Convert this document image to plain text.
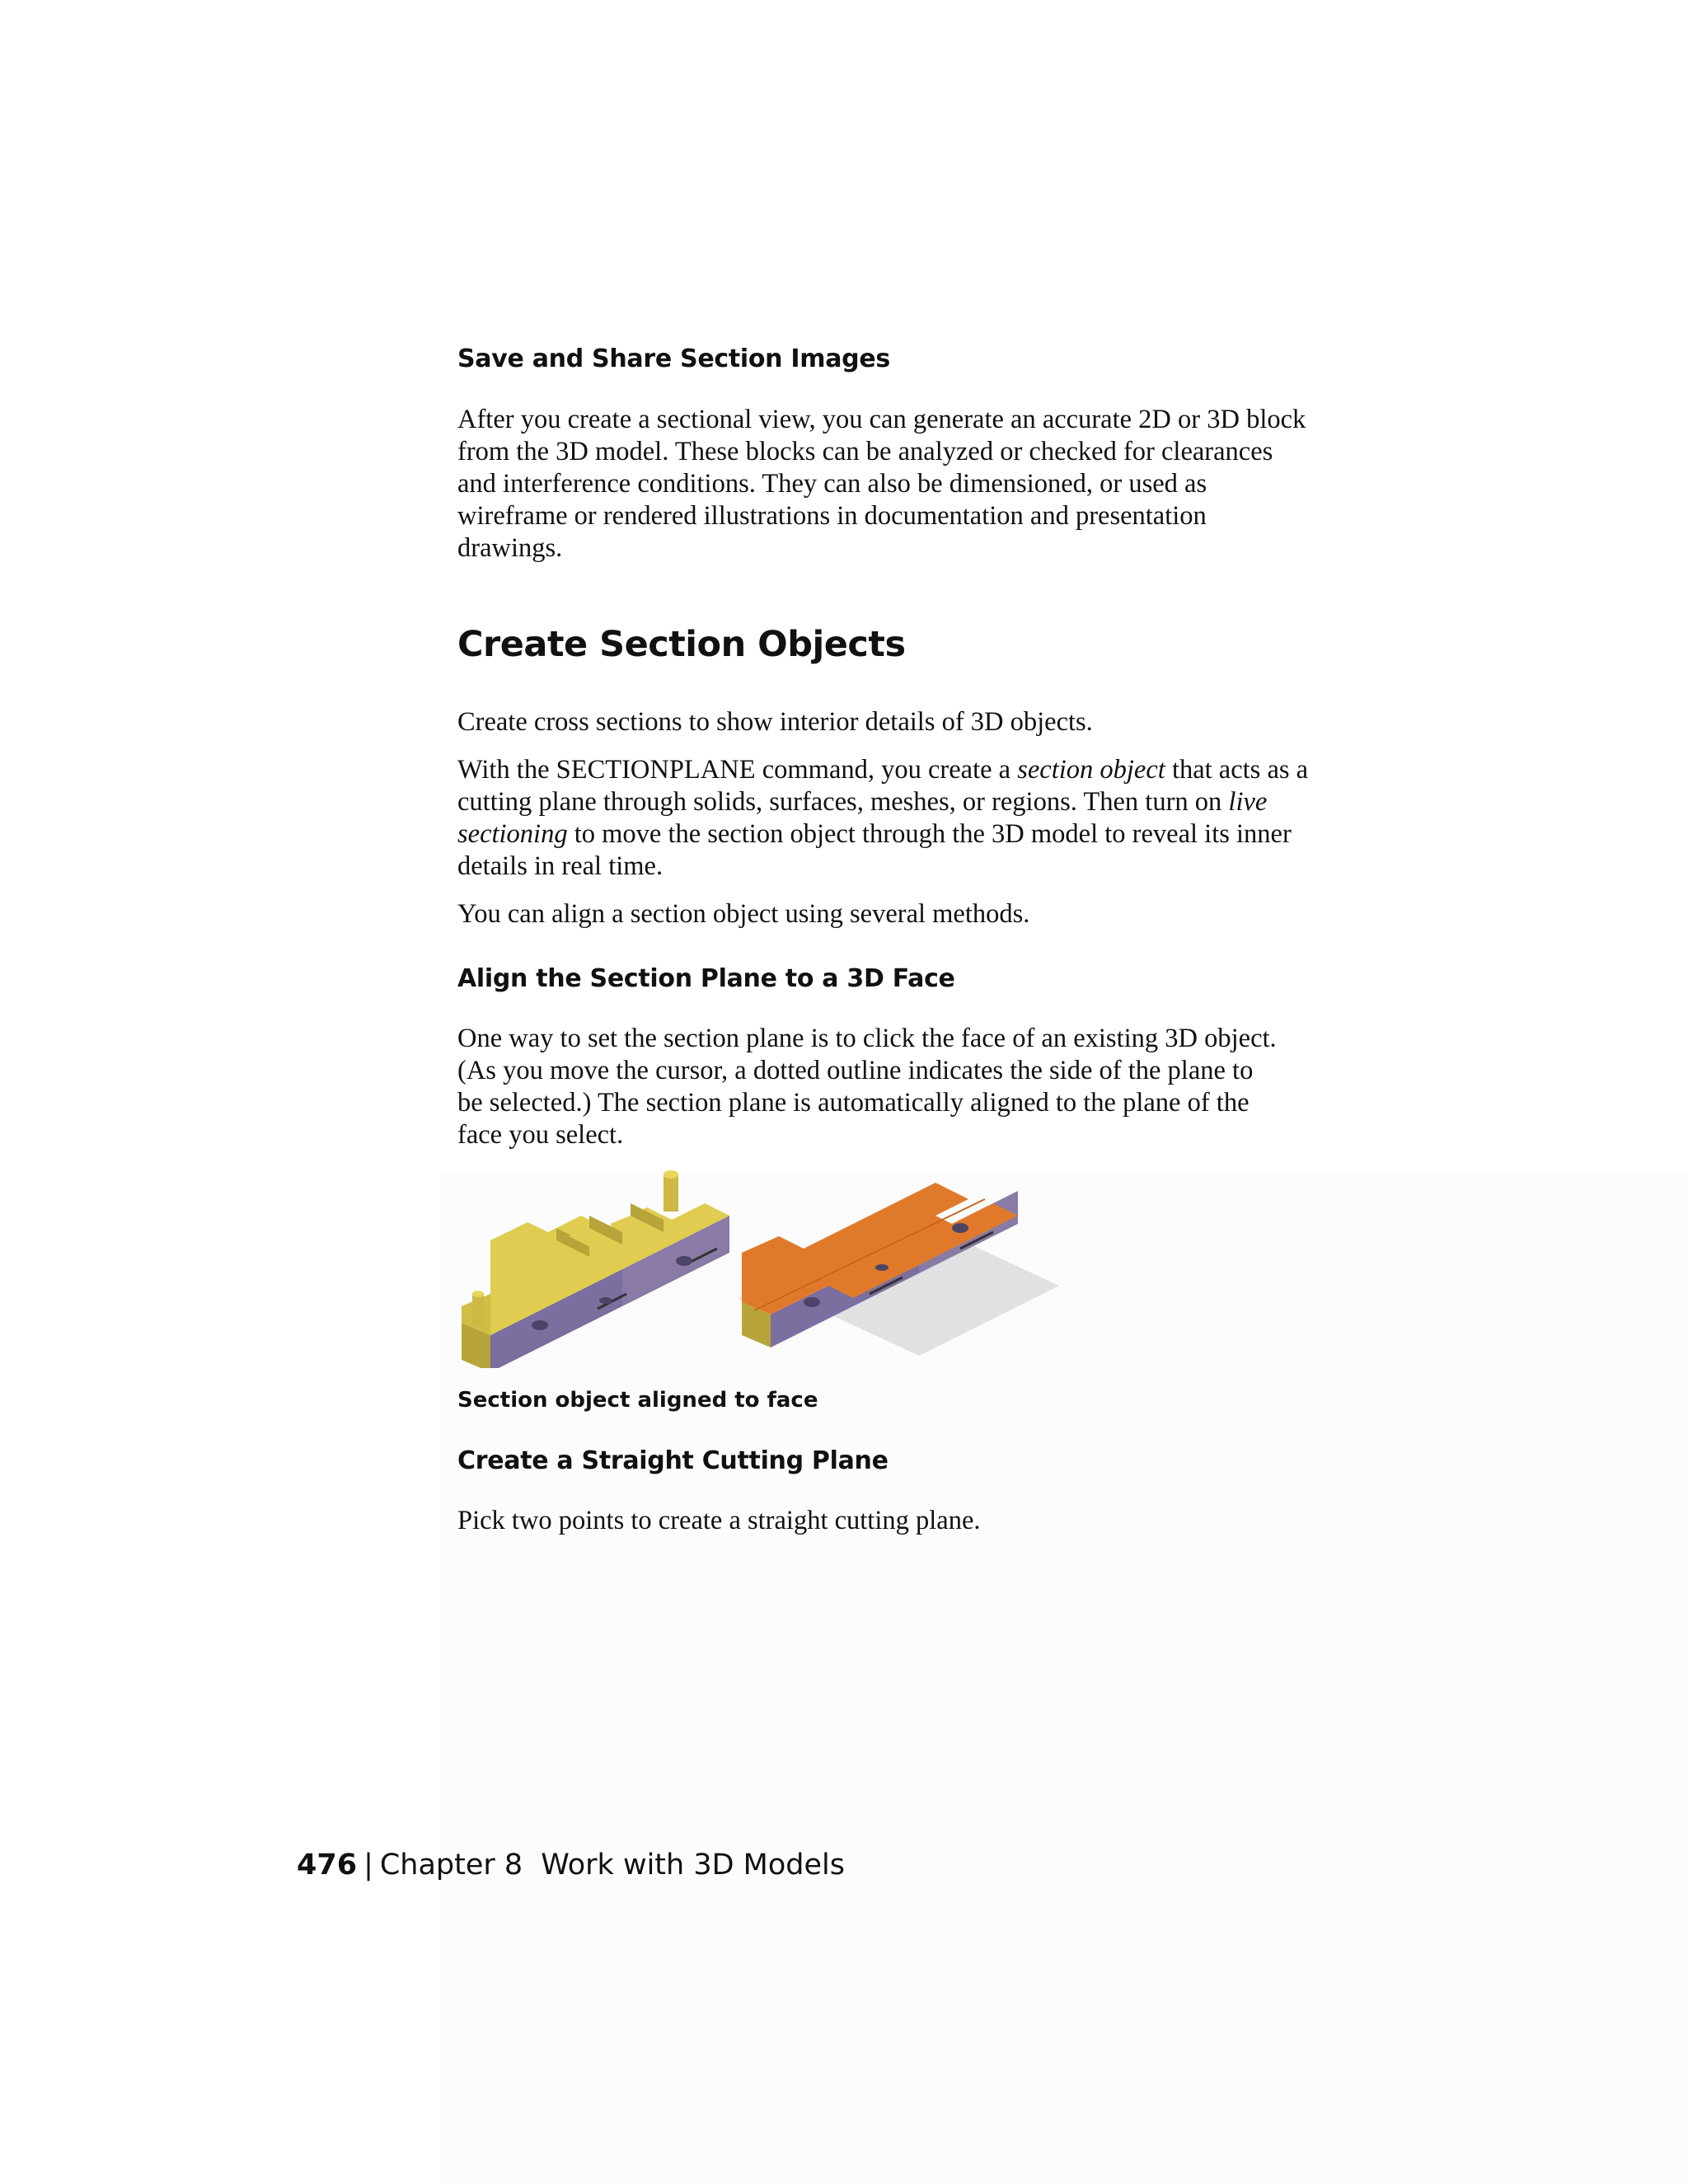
Save and Share Section Images
After you create a sectional view, you can generate an accurate 2D or 3D block
from the 3D model. These blocks can be analyzed or checked for clearances
and interference conditions. They can also be dimensioned, or used as
wireframe or rendered illustrations in documentation and presentation
drawings.
Create Section Objects
Create cross sections to show interior details of 3D objects.
With the SECTIONPLANE command, you create a section object that acts as a
cutting plane through solids, surfaces, meshes, or regions. Then turn on live
sectioning to move the section object through the 3D model to reveal its inner
details in real time.
You can align a section object using several methods.
Align the Section Plane to a 3D Face
One way to set the section plane is to click the face of an existing 3D object.
(As you move the cursor, a dotted outline indicates the side of the plane to
be selected.) The section plane is automatically aligned to the plane of the
face you select.
Section object aligned to face
Create a Straight Cutting Plane
Pick two points to create a straight cutting plane.
476 | Chapter 8 Work with 3D Models
